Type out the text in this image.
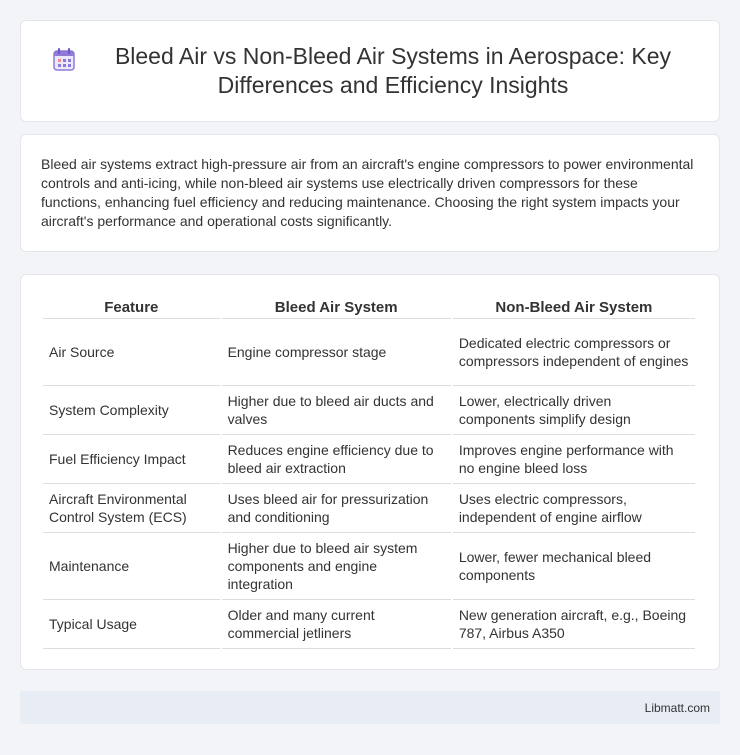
Bleed Air vs Non-Bleed Air Systems in Aerospace: Key Differences and Efficiency Insights

Bleed air systems extract high-pressure air from an aircraft's engine compressors to power environmental controls and anti-icing, while non-bleed air systems use electrically driven compressors for these functions, enhancing fuel efficiency and reducing maintenance. Choosing the right system impacts your aircraft's performance and operational costs significantly.

Feature	Bleed Air System	Non-Bleed Air System
Air Source	Engine compressor stage	Dedicated electric compressors or compressors independent of engines
System Complexity	Higher due to bleed air ducts and valves	Lower, electrically driven components simplify design
Fuel Efficiency Impact	Reduces engine efficiency due to bleed air extraction	Improves engine performance with no engine bleed loss
Aircraft Environmental Control System (ECS)	Uses bleed air for pressurization and conditioning	Uses electric compressors, independent of engine airflow
Maintenance	Higher due to bleed air system components and engine integration	Lower, fewer mechanical bleed components
Typical Usage	Older and many current commercial jetliners	New generation aircraft, e.g., Boeing 787, Airbus A350
Libmatt.com
